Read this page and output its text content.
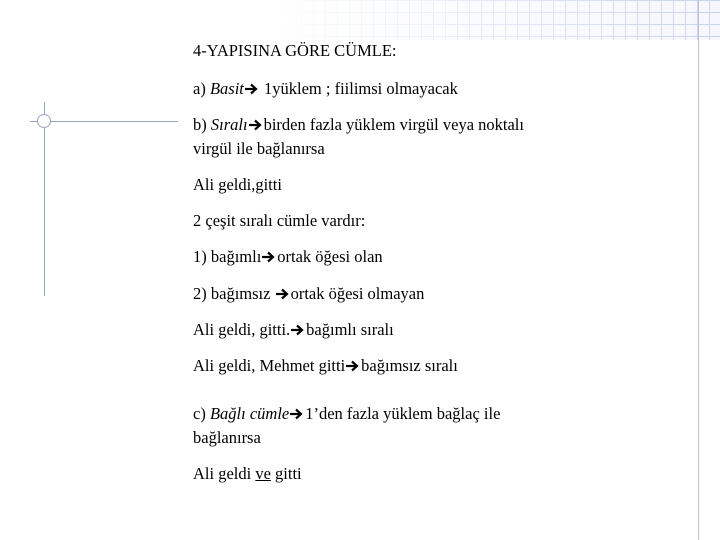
4-YAPISINA GÖRE CÜMLE:
a) Basit 1yüklem ; fiilimsi olmayacak
b) Sıralı birden fazla yüklem virgül veya noktalı
virgül ile bağlanırsa
Ali geldi,gitti
2 çeşit sıralı cümle vardır:
1) bağımlı ortak öğesi olan
2) bağımsız
ortak öğesi olmayan
Ali geldi, gitti. bağımlı sıralı
Ali geldi, Mehmet gitti bağımsız sıralı
c) Bağlı cümle 1’den fazla yüklem bağlaç ile
bağlanırsa
Ali geldi ve gitti
